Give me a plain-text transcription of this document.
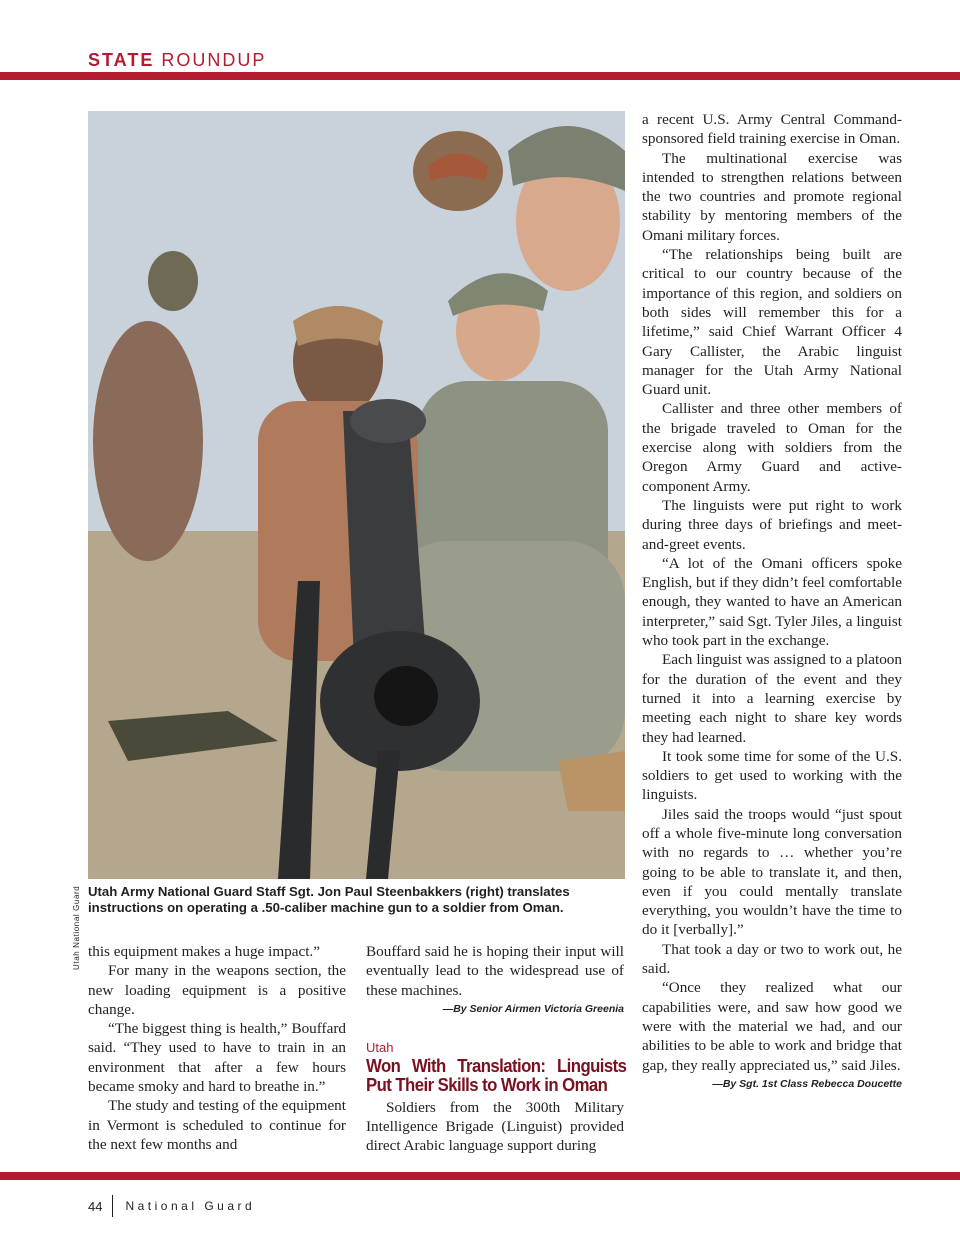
STATE ROUNDUP
Utah National Guard Utah Army National Guard Staff Sgt. Jon Paul Steenbakkers (right) translates instructions on operating a .50-caliber machine gun to a soldier from Oman.

this equipment makes a huge impact.”

For many in the weapons section, the new loading equipment is a positive change.

“The biggest thing is health,” Bouffard said. “They used to have to train in an environment that after a few hours became smoky and hard to breathe in.”

The study and testing of the equipment in Vermont is scheduled to continue for the next few months and

Bouffard said he is hoping their input will eventually lead to the widespread use of these machines.

—By Senior Airmen Victoria Greenia
Utah
Won With Translation: Linguists Put Their Skills to Work in Oman

Soldiers from the 300th Military Intelligence Brigade (Linguist) provided direct Arabic language support during

a recent U.S. Army Central Command-sponsored field training exercise in Oman.

The multinational exercise was intended to strengthen relations between the two countries and promote regional stability by mentoring members of the Omani military forces.

“The relationships being built are critical to our country because of the importance of this region, and soldiers on both sides will remember this for a lifetime,” said Chief Warrant Officer 4 Gary Callister, the Arabic linguist manager for the Utah Army National Guard unit.

Callister and three other members of the brigade traveled to Oman for the exercise along with soldiers from the Oregon Army Guard and active-component Army.

The linguists were put right to work during three days of briefings and meet-and-greet events.

“A lot of the Omani officers spoke English, but if they didn’t feel comfortable enough, they wanted to have an American interpreter,” said Sgt. Tyler Jiles, a linguist who took part in the exchange.

Each linguist was assigned to a platoon for the duration of the event and they turned it into a learning exercise by meeting each night to share key words they had learned.

It took some time for some of the U.S. soldiers to get used to working with the linguists.

Jiles said the troops would “just spout off a whole five-minute long conversation with no regards to … whether you’re going to be able to translate it, and then, even if you could mentally translate everything, you wouldn’t have the time to do it [verbally].”

That took a day or two to work out, he said.

“Once they realized what our capabilities were, and saw how good we were with the material we had, and our abilities to be able to work and bridge that gap, they really appreciated us,” said Jiles.

—By Sgt. 1st Class Rebecca Doucette
44 National Guard
